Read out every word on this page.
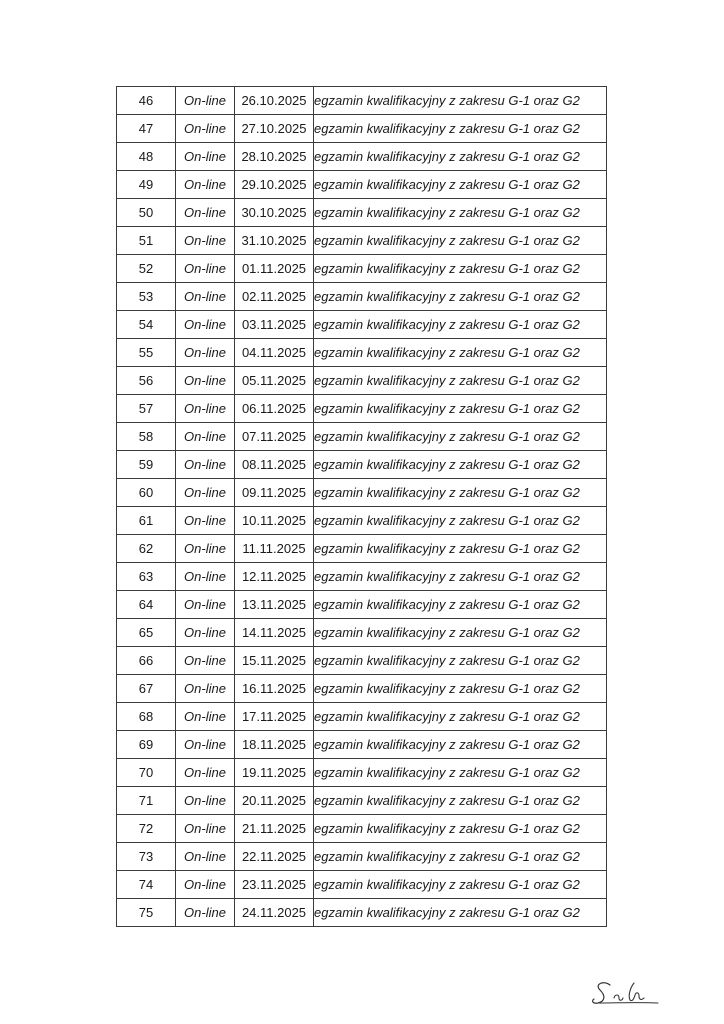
46	On-line	26.10.2025	egzamin kwalifikacyjny z zakresu G-1 oraz G2
47	On-line	27.10.2025	egzamin kwalifikacyjny z zakresu G-1 oraz G2
48	On-line	28.10.2025	egzamin kwalifikacyjny z zakresu G-1 oraz G2
49	On-line	29.10.2025	egzamin kwalifikacyjny z zakresu G-1 oraz G2
50	On-line	30.10.2025	egzamin kwalifikacyjny z zakresu G-1 oraz G2
51	On-line	31.10.2025	egzamin kwalifikacyjny z zakresu G-1 oraz G2
52	On-line	01.11.2025	egzamin kwalifikacyjny z zakresu G-1 oraz G2
53	On-line	02.11.2025	egzamin kwalifikacyjny z zakresu G-1 oraz G2
54	On-line	03.11.2025	egzamin kwalifikacyjny z zakresu G-1 oraz G2
55	On-line	04.11.2025	egzamin kwalifikacyjny z zakresu G-1 oraz G2
56	On-line	05.11.2025	egzamin kwalifikacyjny z zakresu G-1 oraz G2
57	On-line	06.11.2025	egzamin kwalifikacyjny z zakresu G-1 oraz G2
58	On-line	07.11.2025	egzamin kwalifikacyjny z zakresu G-1 oraz G2
59	On-line	08.11.2025	egzamin kwalifikacyjny z zakresu G-1 oraz G2
60	On-line	09.11.2025	egzamin kwalifikacyjny z zakresu G-1 oraz G2
61	On-line	10.11.2025	egzamin kwalifikacyjny z zakresu G-1 oraz G2
62	On-line	11.11.2025	egzamin kwalifikacyjny z zakresu G-1 oraz G2
63	On-line	12.11.2025	egzamin kwalifikacyjny z zakresu G-1 oraz G2
64	On-line	13.11.2025	egzamin kwalifikacyjny z zakresu G-1 oraz G2
65	On-line	14.11.2025	egzamin kwalifikacyjny z zakresu G-1 oraz G2
66	On-line	15.11.2025	egzamin kwalifikacyjny z zakresu G-1 oraz G2
67	On-line	16.11.2025	egzamin kwalifikacyjny z zakresu G-1 oraz G2
68	On-line	17.11.2025	egzamin kwalifikacyjny z zakresu G-1 oraz G2
69	On-line	18.11.2025	egzamin kwalifikacyjny z zakresu G-1 oraz G2
70	On-line	19.11.2025	egzamin kwalifikacyjny z zakresu G-1 oraz G2
71	On-line	20.11.2025	egzamin kwalifikacyjny z zakresu G-1 oraz G2
72	On-line	21.11.2025	egzamin kwalifikacyjny z zakresu G-1 oraz G2
73	On-line	22.11.2025	egzamin kwalifikacyjny z zakresu G-1 oraz G2
74	On-line	23.11.2025	egzamin kwalifikacyjny z zakresu G-1 oraz G2
75	On-line	24.11.2025	egzamin kwalifikacyjny z zakresu G-1 oraz G2
